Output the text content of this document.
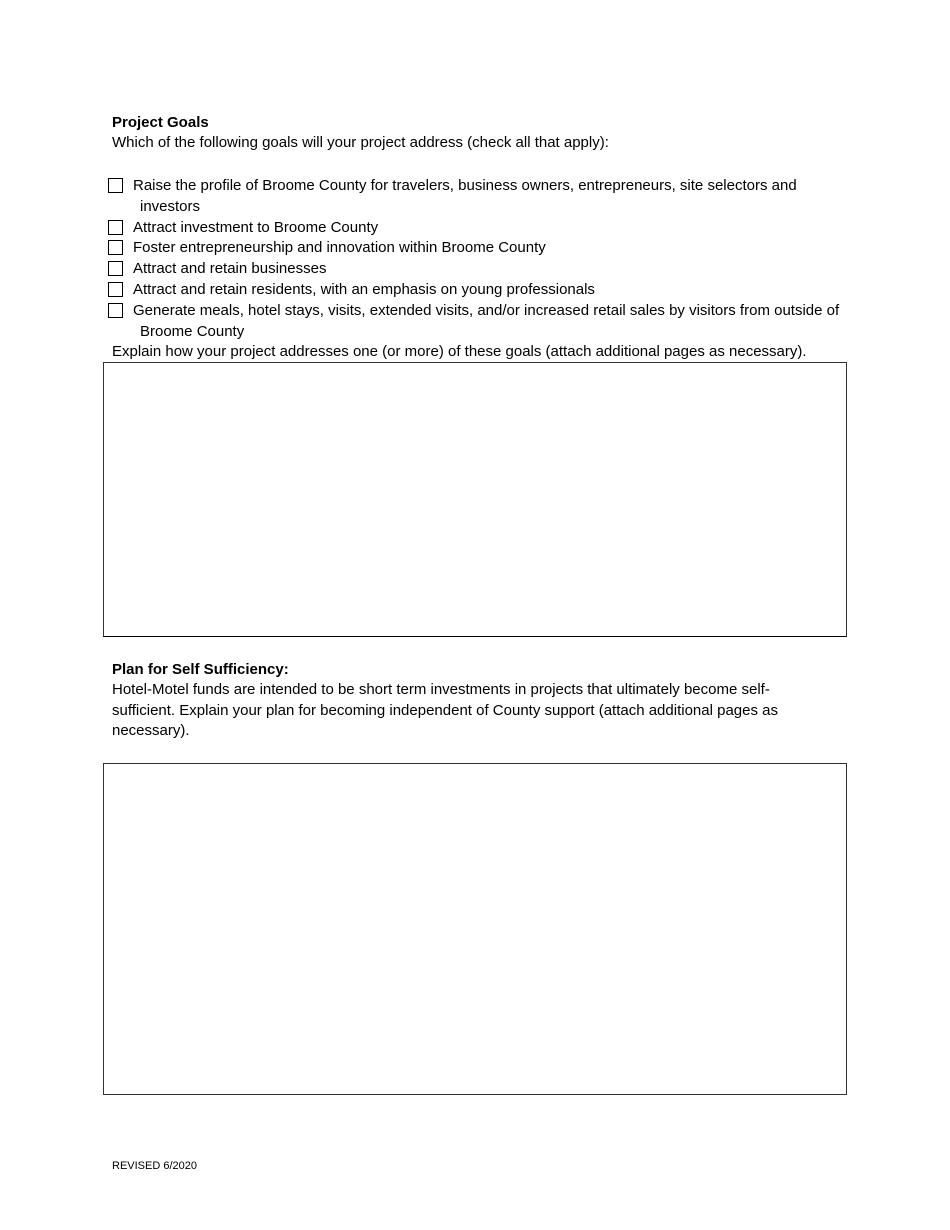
Project Goals
Which of the following goals will your project address (check all that apply):
Raise the profile of Broome County for travelers, business owners, entrepreneurs, site selectors and investors
Attract investment to Broome County
Foster entrepreneurship and innovation within Broome County
Attract and retain businesses
Attract and retain residents, with an emphasis on young professionals
Generate meals, hotel stays, visits, extended visits, and/or increased retail sales by visitors from outside of Broome County
Explain how your project addresses one (or more) of these goals (attach additional pages as necessary).
Plan for Self Sufficiency:
Hotel-Motel funds are intended to be short term investments in projects that ultimately become self-sufficient. Explain your plan for becoming independent of County support (attach additional pages as necessary).
REVISED 6/2020
